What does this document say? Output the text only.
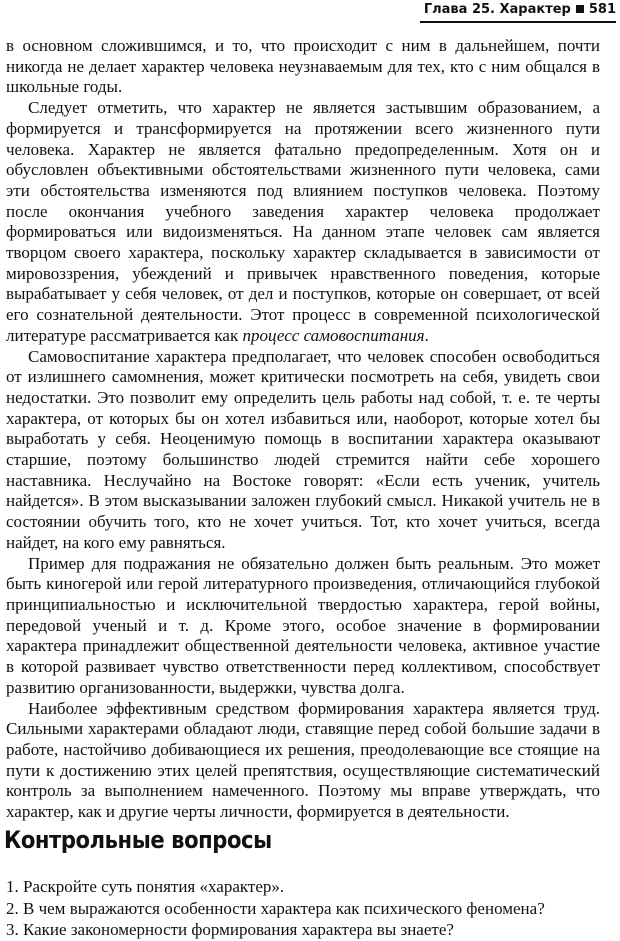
Глава 25. Характер 581

в основном сложившимся, и то, что происходит с ним в дальнейшем, почти никогда не делает характер человека неузнаваемым для тех, кто с ним общался в школьные годы.

Следует отметить, что характер не является застывшим образованием, а формируется и трансформируется на протяжении всего жизненного пути человека. Характер не является фатально предопределенным. Хотя он и обусловлен объективными обстоятельствами жизненного пути человека, сами эти обстоятельства изменяются под влиянием поступков человека. Поэтому после окончания учебного заведения характер человека продолжает формироваться или видоизменяться. На данном этапе человек сам является творцом своего характера, поскольку характер складывается в зависимости от мировоззрения, убеждений и привычек нравственного поведения, которые вырабатывает у себя человек, от дел и поступков, которые он совершает, от всей его сознательной деятельности. Этот процесс в современной психологической литературе рассматривается как процесс самовоспитания.

Самовоспитание характера предполагает, что человек способен освободиться от излишнего самомнения, может критически посмотреть на себя, увидеть свои недостатки. Это позволит ему определить цель работы над собой, т. е. те черты характера, от которых бы он хотел избавиться или, наоборот, которые хотел бы выработать у себя. Неоценимую помощь в воспитании характера оказывают старшие, поэтому большинство людей стремится найти себе хорошего наставника. Неслучайно на Востоке говорят: «Если есть ученик, учитель найдется». В этом высказывании заложен глубокий смысл. Никакой учитель не в состоянии обучить того, кто не хочет учиться. Тот, кто хочет учиться, всегда найдет, на кого ему равняться.

Пример для подражания не обязательно должен быть реальным. Это может быть киногерой или герой литературного произведения, отличающийся глубокой принципиальностью и исключительной твердостью характера, герой войны, передовой ученый и т. д. Кроме этого, особое значение в формировании характера принадлежит общественной деятельности человека, активное участие в которой развивает чувство ответственности перед коллективом, способствует развитию организованности, выдержки, чувства долга.

Наиболее эффективным средством формирования характера является труд. Сильными характерами обладают люди, ставящие перед собой большие задачи в работе, настойчиво добивающиеся их решения, преодолевающие все стоящие на пути к достижению этих целей препятствия, осуществляющие систематический контроль за выполнением намеченного. Поэтому мы вправе утверждать, что характер, как и другие черты личности, формируется в деятельности.

Контрольные вопросы
1. Раскройте суть понятия «характер».
2. В чем выражаются особенности характера как психического феномена?
3. Какие закономерности формирования характера вы знаете?
